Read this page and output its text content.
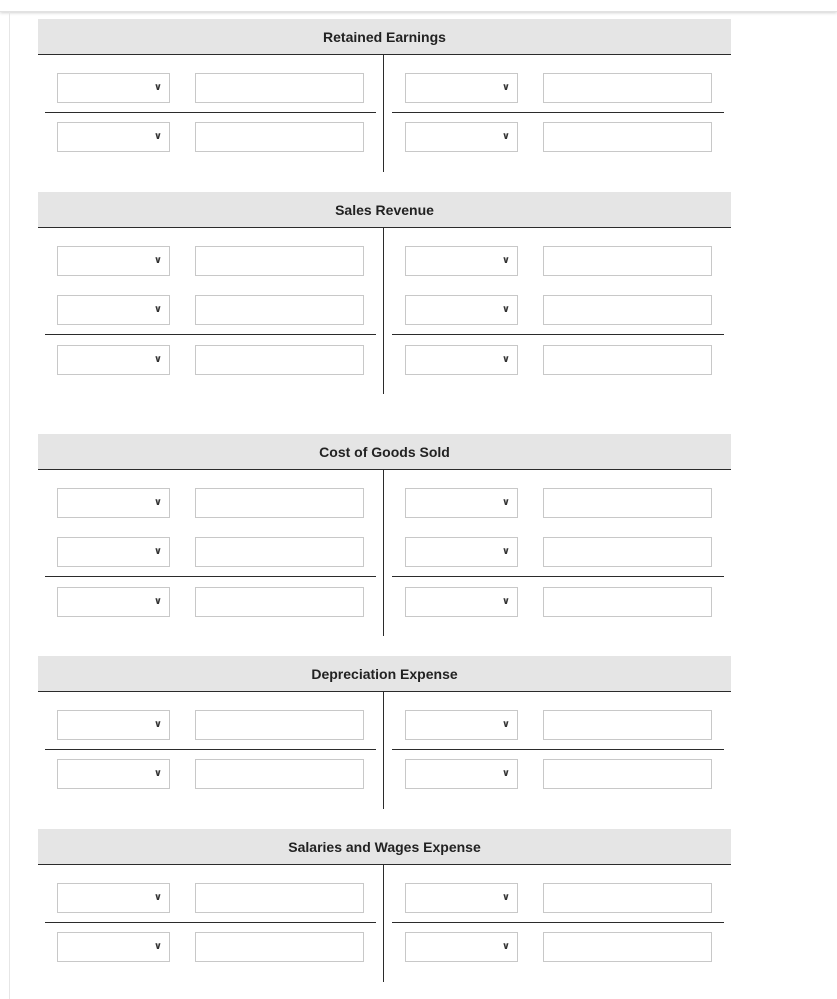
Retained Earnings
∨	∨
∨	∨
Sales Revenue
∨	∨
∨	∨
∨	∨
Cost of Goods Sold
∨	∨
∨	∨
∨	∨
Depreciation Expense
∨	∨
∨	∨
Salaries and Wages Expense
∨	∨
∨	∨
